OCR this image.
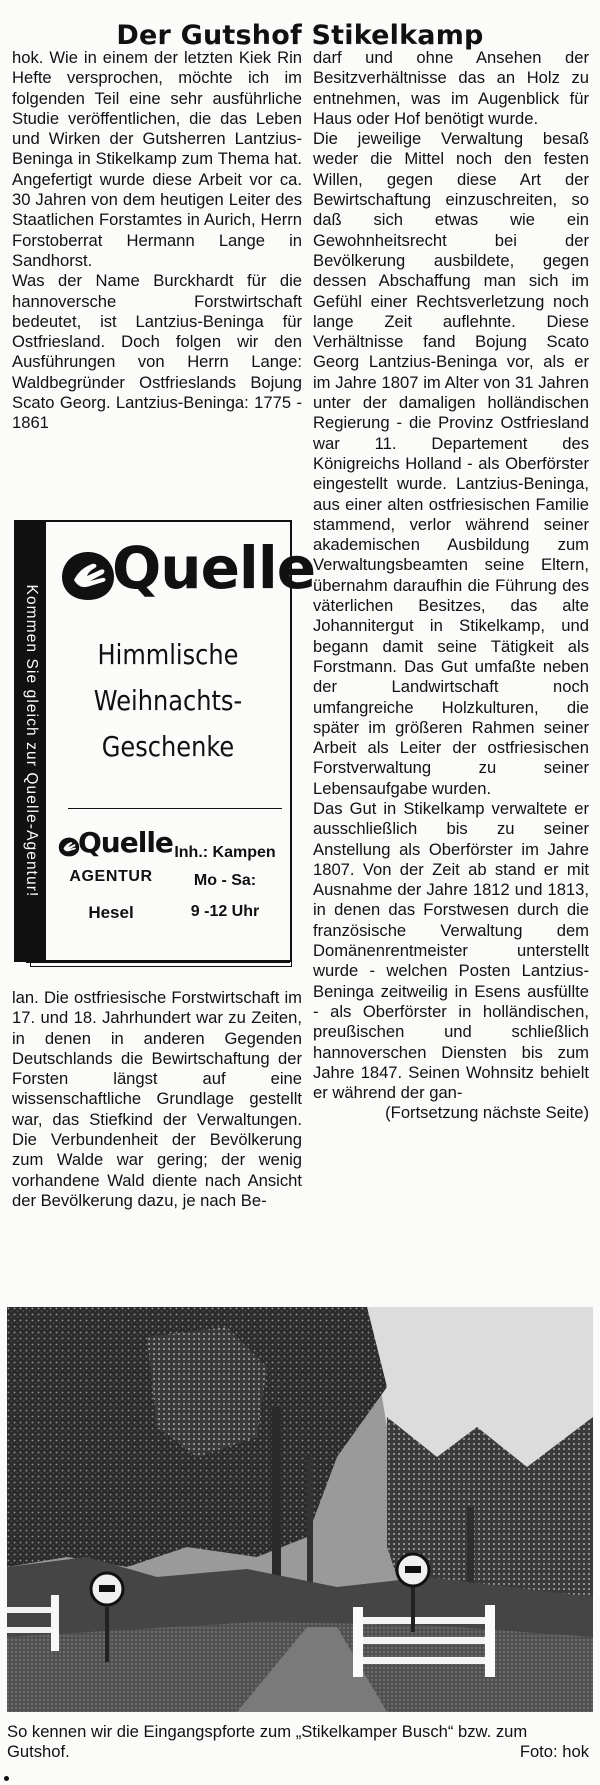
Der Gutshof Stikelkamp

hok. Wie in einem der letzten Kiek Rin Hefte versprochen, möchte ich im folgenden Teil eine sehr ausführliche Studie veröffentlichen, die das Leben und Wirken der Gutsherren Lantzius-Beninga in Stikelkamp zum Thema hat. Angefertigt wurde diese Arbeit vor ca. 30 Jahren von dem heutigen Leiter des Staatlichen Forstamtes in Aurich, Herrn Forstoberrat Hermann Lange in Sandhorst.

Was der Name Burckhardt für die hannoversche Forstwirtschaft bedeutet, ist Lantzius-Beninga für Ostfriesland. Doch folgen wir den Ausführungen von Herrn Lange: Waldbegründer Ostfrieslands Bojung Scato Georg. Lantzius-Beninga: 1775 - 1861

Kommen Sie gleich zur Quelle-Agentur!
Quelle
Himmlische
Weihnachts-
Geschenke
Quelle
AGENTUR
Hesel
Inh.: Kampen
Mo - Sa:
9 -12 Uhr

lan. Die ostfriesische Forstwirtschaft im 17. und 18. Jahrhundert war zu Zeiten, in denen in anderen Gegenden Deutschlands die Bewirtschaftung der Forsten längst auf eine wissenschaftliche Grundlage gestellt war, das Stiefkind der Verwaltungen. Die Verbundenheit der Bevölkerung zum Walde war gering; der wenig vorhandene Wald diente nach Ansicht der Bevölkerung dazu, je nach Be-

darf und ohne Ansehen der Besitzverhältnisse das an Holz zu entnehmen, was im Augenblick für Haus oder Hof benötigt wurde.

Die jeweilige Verwaltung besaß weder die Mittel noch den festen Willen, gegen diese Art der Bewirtschaftung einzuschreiten, so daß sich etwas wie ein Gewohnheitsrecht bei der Bevölkerung ausbildete, gegen dessen Abschaffung man sich im Gefühl einer Rechtsverletzung noch lange Zeit auflehnte. Diese Verhältnisse fand Bojung Scato Georg Lantzius-Beninga vor, als er im Jahre 1807 im Alter von 31 Jahren unter der damaligen holländischen Regierung - die Provinz Ostfriesland war 11. Departement des Königreichs Holland - als Oberförster eingestellt wurde. Lantzius-Beninga, aus einer alten ostfriesischen Familie stammend, verlor während seiner akademischen Ausbildung zum Verwaltungsbeamten seine Eltern, übernahm daraufhin die Führung des väterlichen Besitzes, das alte Johannitergut in Stikelkamp, und begann damit seine Tätigkeit als Forstmann. Das Gut umfaßte neben der Landwirtschaft noch umfangreiche Holzkulturen, die später im größeren Rahmen seiner Arbeit als Leiter der ostfriesischen Forstverwaltung zu seiner Lebensaufgabe wurden.

Das Gut in Stikelkamp verwaltete er ausschließlich bis zu seiner Anstellung als Oberförster im Jahre 1807. Von der Zeit ab stand er mit Ausnahme der Jahre 1812 und 1813, in denen das Forstwesen durch die französische Verwaltung dem Domänenrentmeister unterstellt wurde - welchen Posten Lantzius-Beninga zeitweilig in Esens ausfüllte - als Oberförster in holländischen, preußischen und schließlich hannoverschen Diensten bis zum Jahre 1847. Seinen Wohnsitz behielt er während der gan-

(Fortsetzung nächste Seite)

So kennen wir die Eingangspforte zum „Stikelkamper Busch“ bzw. zum Gutshof.	Foto: hok
